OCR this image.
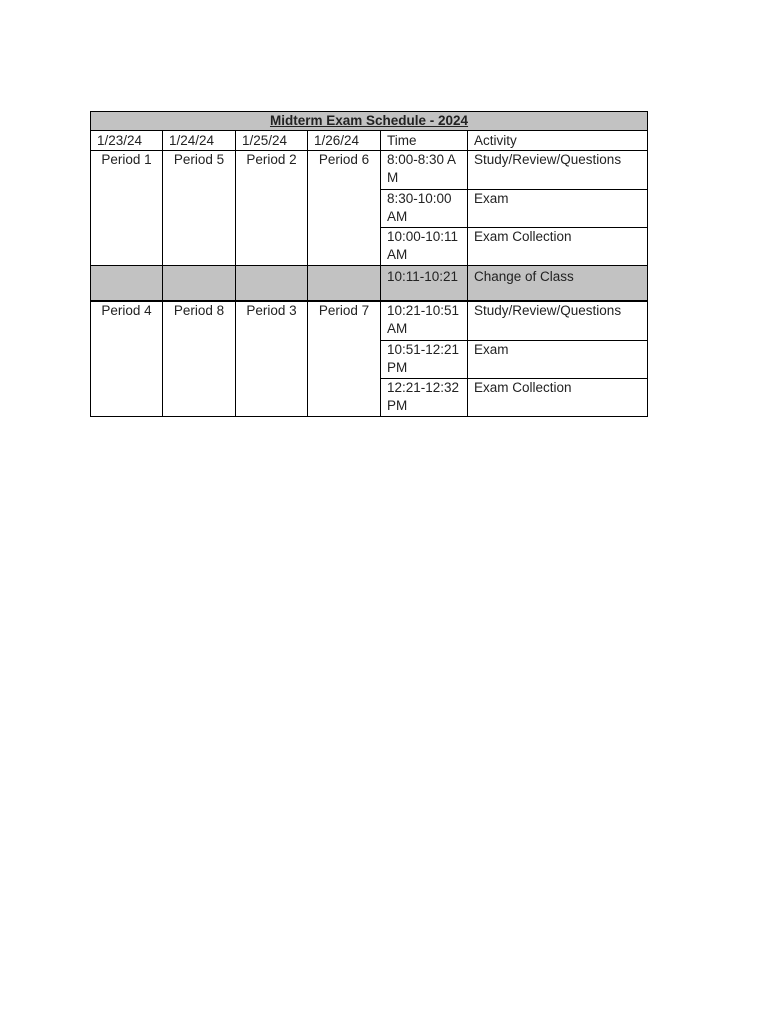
Midterm Exam Schedule - 2024					
1/23/24	1/24/24	1/25/24	1/26/24	Time	Activity
Period 1	Period 5	Period 2	Period 6	8:00-8:30 AM	Study/Review/Questions

				8:30-10:00 AM	Exam

				10:00-10:11 AM	Exam Collection
				10:11-10:21	Change of Class
Period 4	Period 8	Period 3	Period 7	10:21-10:51 AM	Study/Review/Questions

				10:51-12:21 PM	Exam

				12:21-12:32 PM	Exam Collection
